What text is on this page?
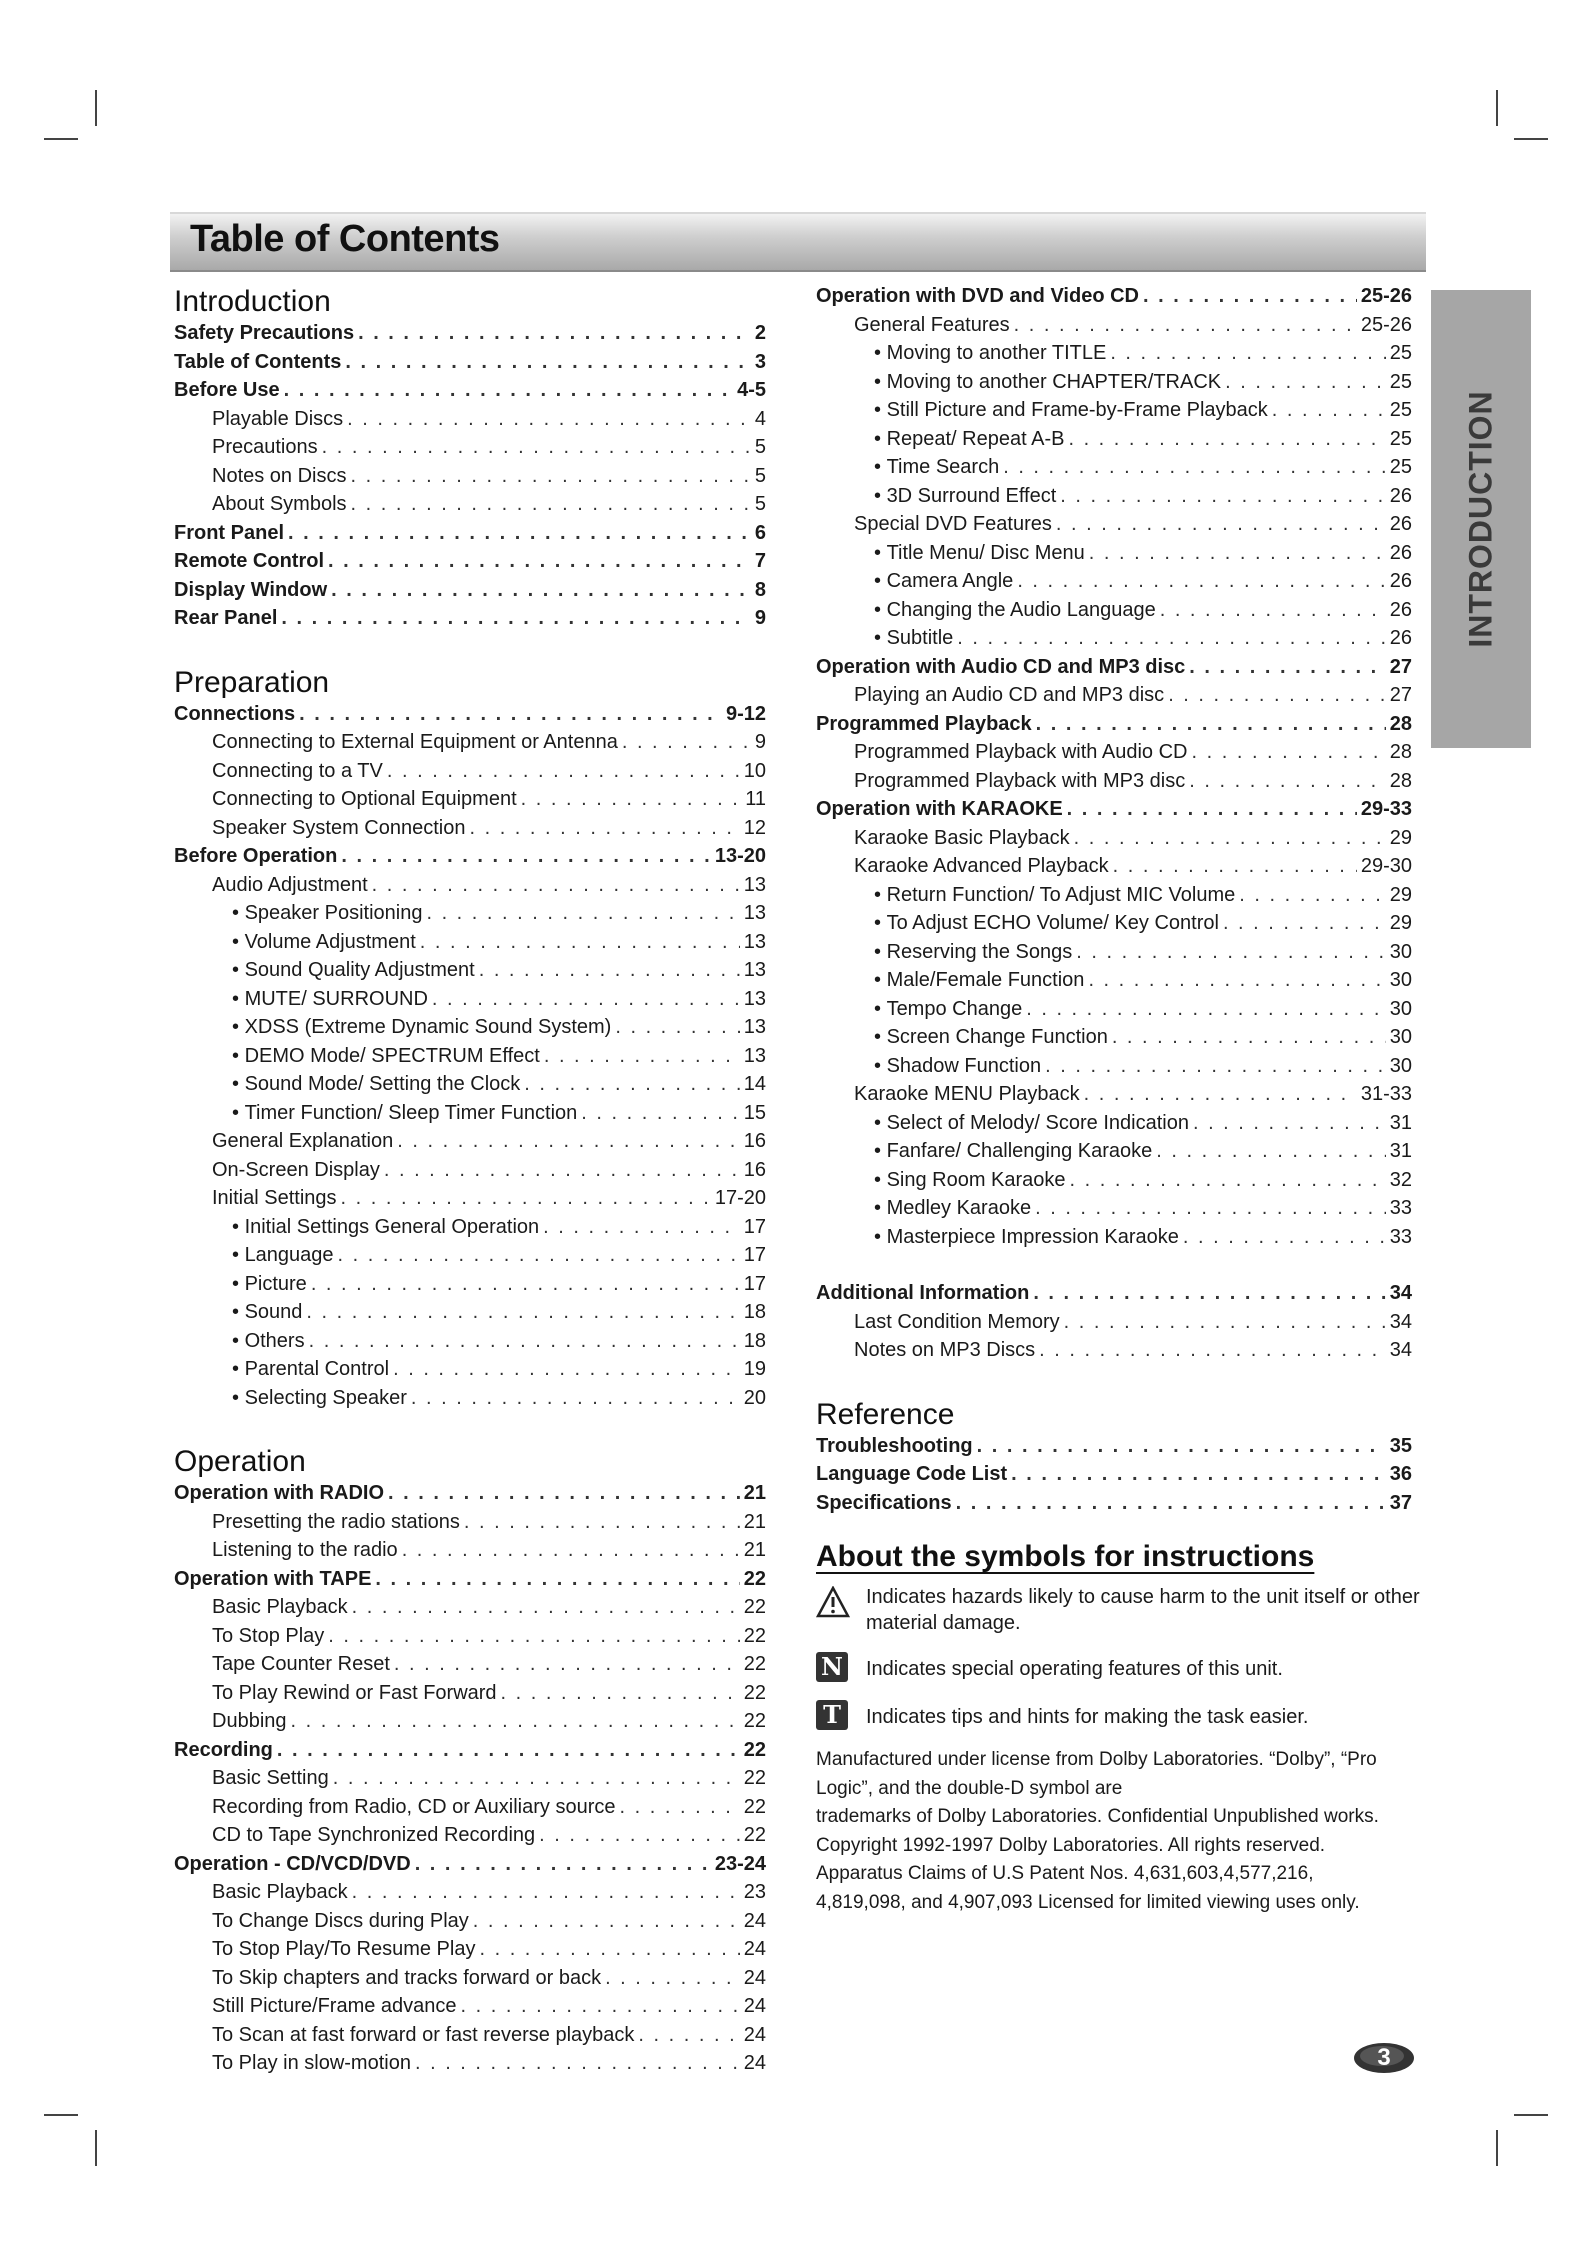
Table of Contents
INTRODUCTION
Introduction
Safety Precautions . . .	2
Table of Contents . . .	3
Before Use . . .	4-5
Playable Discs . . .	4
Precautions . . .	5
Notes on Discs . . .	5
About Symbols . . .	5
Front Panel . . .	6
Remote Control . . .	7
Display Window . . .	8
Rear Panel . . .	9
Preparation
Connections . . .	9-12
Connecting to External Equipment or Antenna . . .	9
Connecting to a TV . . .	10
Connecting to Optional Equipment . . .	11
Speaker System Connection . . .	12
Before Operation . . .	13-20
Audio Adjustment . . .	13
• Speaker Positioning . . .	13
• Volume Adjustment . . .	13
• Sound Quality Adjustment . . .	13
• MUTE/ SURROUND . . .	13
• XDSS (Extreme Dynamic Sound System) . . .	13
• DEMO Mode/ SPECTRUM Effect . . .	13
• Sound Mode/ Setting the Clock . . .	14
• Timer Function/ Sleep Timer Function . . .	15
General Explanation . . .	16
On-Screen Display . . .	16
Initial Settings . . .	17-20
• Initial Settings General Operation . . .	17
• Language . . .	17
• Picture . . .	17
• Sound . . .	18
• Others . . .	18
• Parental Control . . .	19
• Selecting Speaker . . .	20
Operation
Operation with RADIO . . .	21
Presetting the radio stations . . .	21
Listening to the radio . . .	21
Operation with TAPE . . .	22
Basic Playback . . .	22
To Stop Play . . .	22
Tape Counter Reset . . .	22
To Play Rewind or Fast Forward . . .	22
Dubbing . . .	22
Recording . . .	22
Basic Setting . . .	22
Recording from Radio, CD or Auxiliary source . . .	22
CD to Tape Synchronized Recording . . .	22
Operation - CD/VCD/DVD . . .	23-24
Basic Playback . . .	23
To Change Discs during Play . . .	24
To Stop Play/To Resume Play . . .	24
To Skip chapters and tracks forward or back . . .	24
Still Picture/Frame advance . . .	24
To Scan at fast forward or fast reverse playback . . .	24
To Play in slow-motion . . .	24
Operation with DVD and Video CD . . .	25-26
General Features . . .	25-26
• Moving to another TITLE . . .	25
• Moving to another CHAPTER/TRACK . . .	25
• Still Picture and Frame-by-Frame Playback . . .	25
• Repeat/ Repeat A-B . . .	25
• Time Search . . .	25
• 3D Surround Effect . . .	26
Special DVD Features . . .	26
• Title Menu/ Disc Menu . . .	26
• Camera Angle . . .	26
• Changing the Audio Language . . .	26
• Subtitle . . .	26
Operation with Audio CD and MP3 disc . . .	27
Playing an Audio CD and MP3 disc . . .	27
Programmed Playback . . .	28
Programmed Playback with Audio CD . . .	28
Programmed Playback with MP3 disc . . .	28
Operation with KARAOKE . . .	29-33
Karaoke Basic Playback . . .	29
Karaoke Advanced Playback . . .	29-30
• Return Function/ To Adjust MIC Volume . . .	29
• To Adjust ECHO Volume/ Key Control . . .	29
• Reserving the Songs . . .	30
• Male/Female Function . . .	30
• Tempo Change . . .	30
• Screen Change Function . . .	30
• Shadow Function . . .	30
Karaoke MENU Playback . . .	31-33
• Select of Melody/ Score Indication . . .	31
• Fanfare/ Challenging Karaoke . . .	31
• Sing Room Karaoke . . .	32
• Medley Karaoke . . .	33
• Masterpiece Impression Karaoke . . .	33
Additional Information . . .	34
Last Condition Memory . . .	34
Notes on MP3 Discs . . .	34
Reference
Troubleshooting . . .	35
Language Code List . . .	36
Specifications . . .	37
About the symbols for instructions
Indicates hazards likely to cause harm to the unit itself or other material damage.
N Indicates special operating features of this unit.
T	Indicates tips and hints for making the task easier.
Manufactured under license from Dolby Laboratories. “Dolby”, “Pro
Logic”, and the double-D symbol are
trademarks of Dolby Laboratories. Confidential Unpublished works.
Copyright 1992-1997 Dolby Laboratories. All rights reserved.
Apparatus Claims of U.S Patent Nos. 4,631,603,4,577,216,
4,819,098, and 4,907,093 Licensed for limited viewing uses only.
3
